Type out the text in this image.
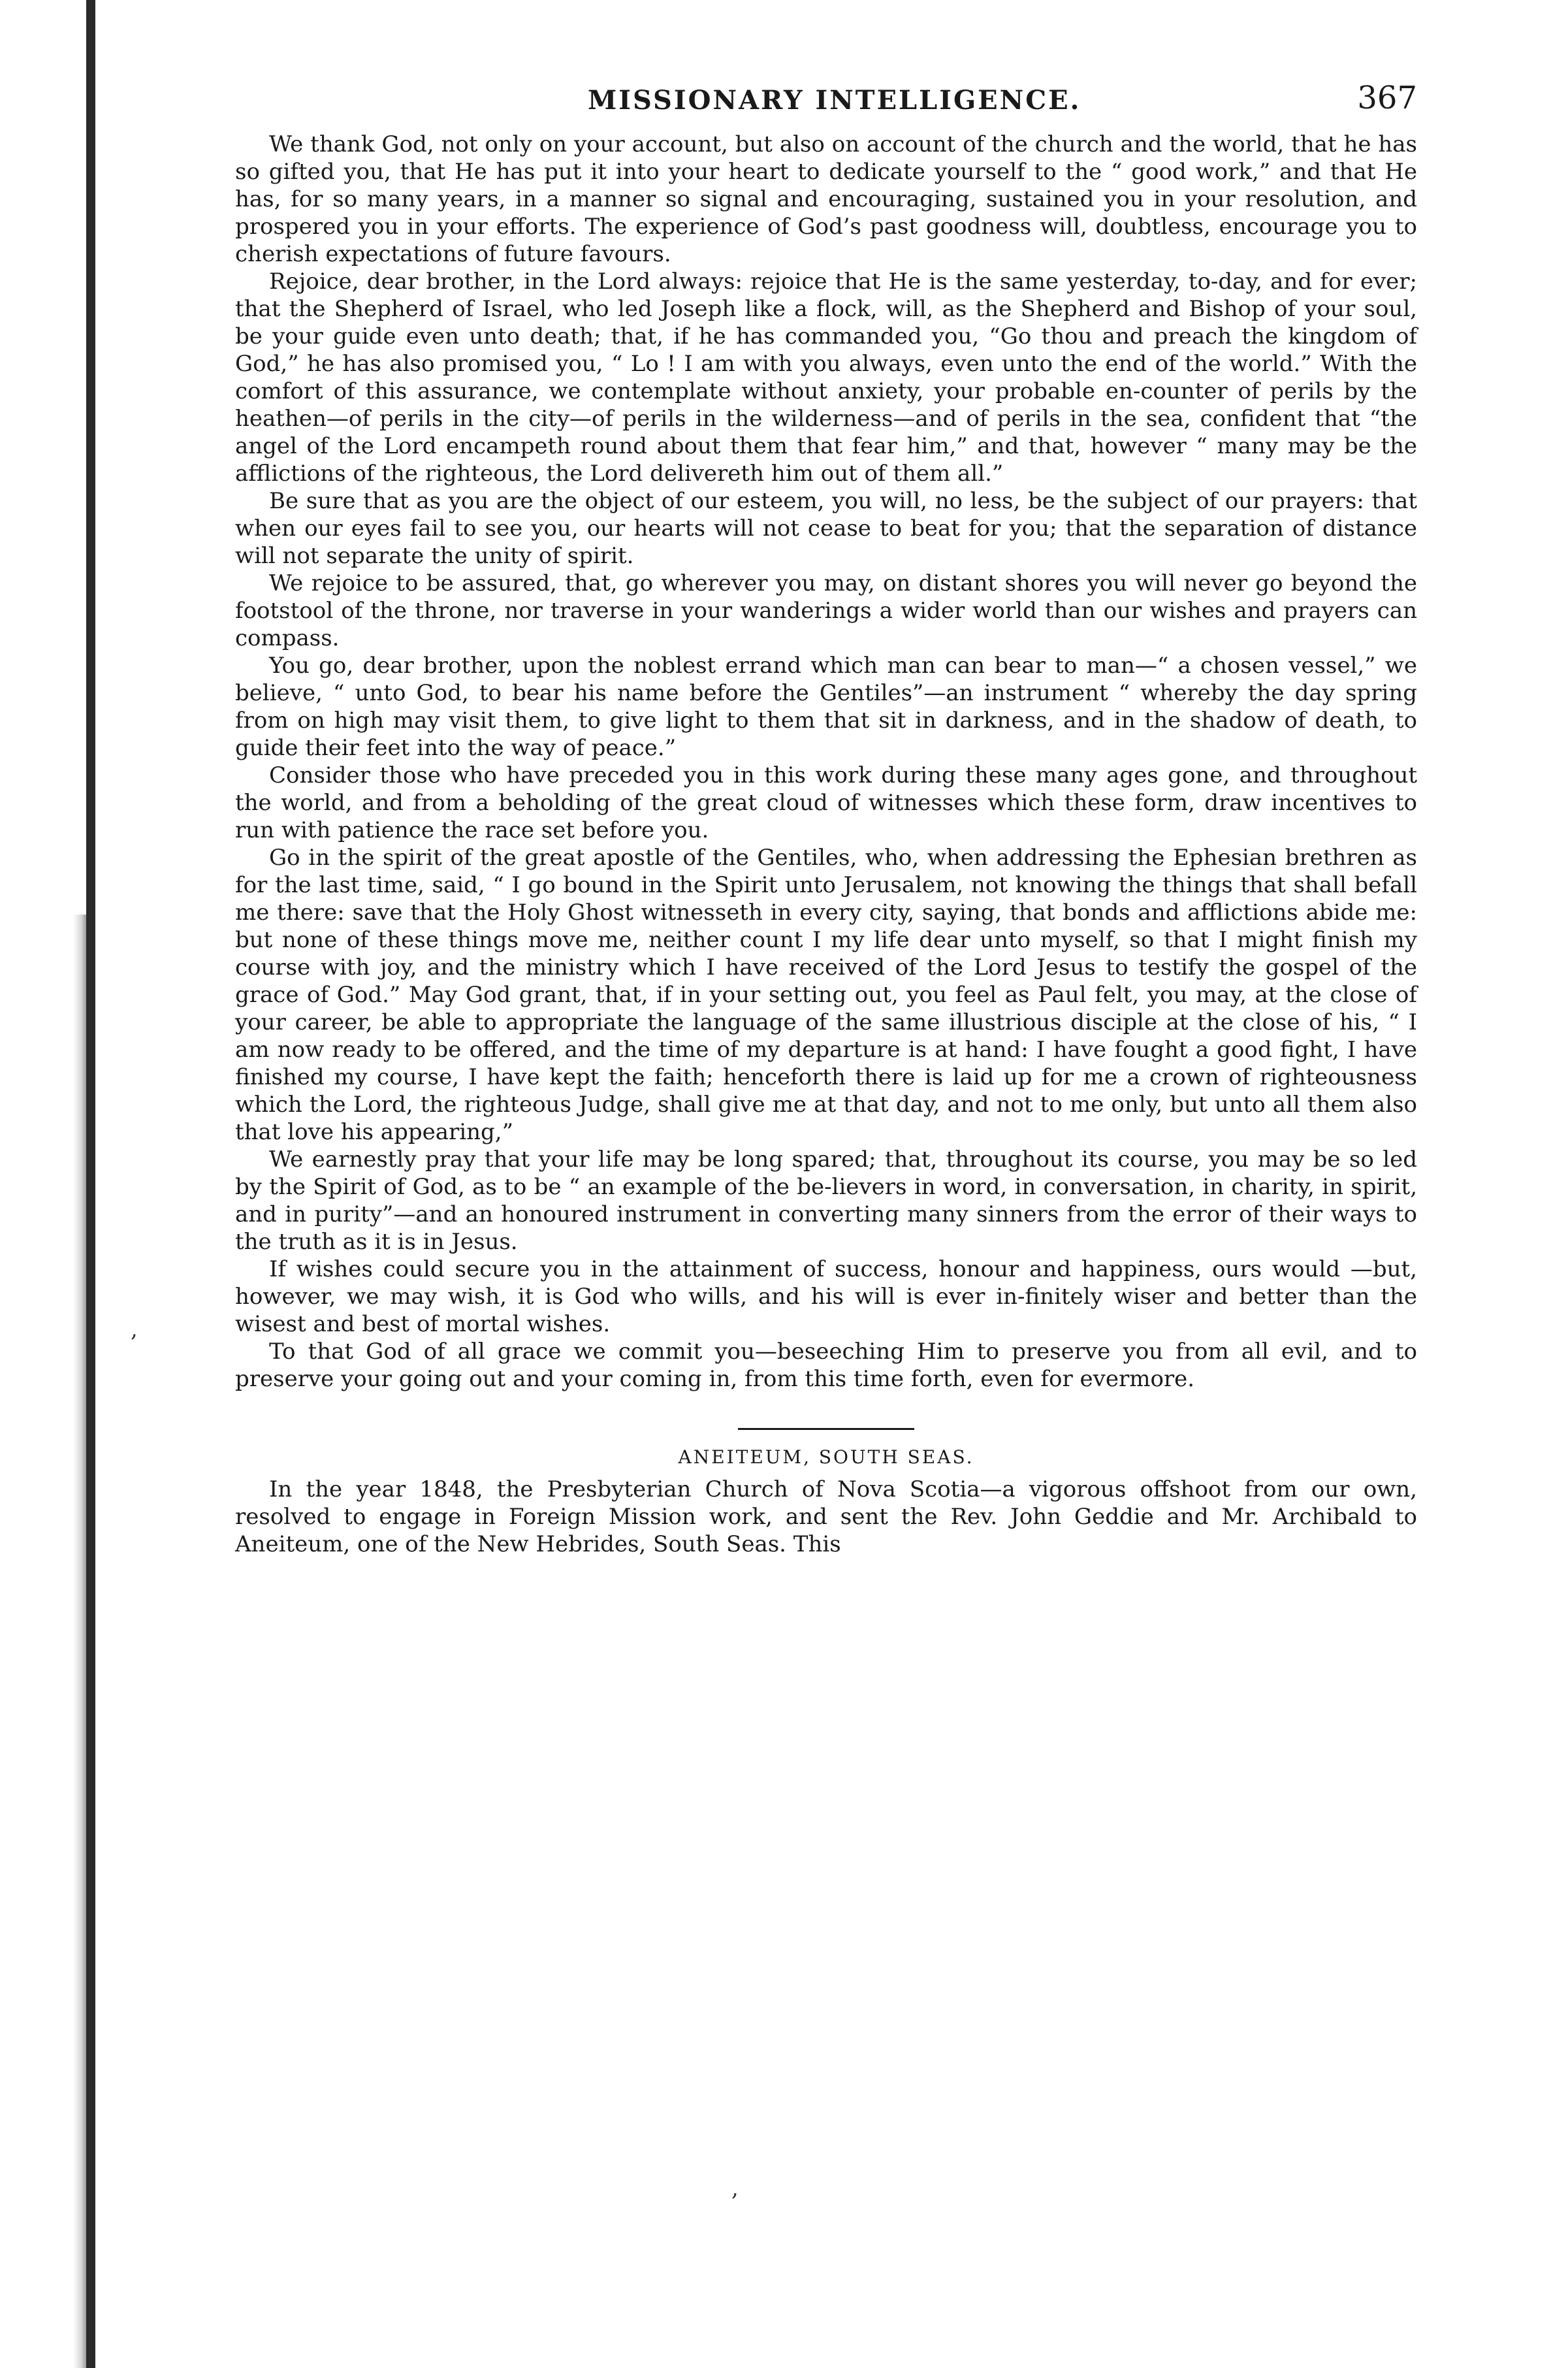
MISSIONARY INTELLIGENCE.	367

We thank God, not only on your account, but also on account of the church and the world, that he has so gifted you, that He has put it into your heart to dedicate yourself to the “ good work,” and that He has, for so many years, in a manner so signal and encouraging, sustained you in your resolution, and prospered you in your efforts. The experience of God’s past goodness will, doubtless, encourage you to cherish expectations of future favours.

Rejoice, dear brother, in the Lord always: rejoice that He is the same yesterday, to-day, and for ever; that the Shepherd of Israel, who led Joseph like a flock, will, as the Shepherd and Bishop of your soul, be your guide even unto death; that, if he has commanded you, “Go thou and preach the kingdom of God,” he has also promised you, “ Lo ! I am with you always, even unto the end of the world.” With the comfort of this assurance, we contemplate without anxiety, your probable en-counter of perils by the heathen—of perils in the city—of perils in the wilderness—and of perils in the sea, confident that “the angel of the Lord encampeth round about them that fear him,” and that, however “ many may be the afflictions of the righteous, the Lord delivereth him out of them all.”

Be sure that as you are the object of our esteem, you will, no less, be the subject of our prayers: that when our eyes fail to see you, our hearts will not cease to beat for you; that the separation of distance will not separate the unity of spirit.

We rejoice to be assured, that, go wherever you may, on distant shores you will never go beyond the footstool of the throne, nor traverse in your wanderings a wider world than our wishes and prayers can compass.

You go, dear brother, upon the noblest errand which man can bear to man—“ a chosen vessel,” we believe, “ unto God, to bear his name before the Gentiles”—an instrument “ whereby the day spring from on high may visit them, to give light to them that sit in darkness, and in the shadow of death, to guide their feet into the way of peace.”

Consider those who have preceded you in this work during these many ages gone, and throughout the world, and from a beholding of the great cloud of witnesses which these form, draw incentives to run with patience the race set before you.

Go in the spirit of the great apostle of the Gentiles, who, when addressing the Ephesian brethren as for the last time, said, “ I go bound in the Spirit unto Jerusalem, not knowing the things that shall befall me there: save that the Holy Ghost witnesseth in every city, saying, that bonds and afflictions abide me: but none of these things move me, neither count I my life dear unto myself, so that I might finish my course with joy, and the ministry which I have received of the Lord Jesus to testify the gospel of the grace of God.” May God grant, that, if in your setting out, you feel as Paul felt, you may, at the close of your career, be able to appropriate the language of the same illustrious disciple at the close of his, “ I am now ready to be offered, and the time of my departure is at hand: I have fought a good fight, I have finished my course, I have kept the faith; henceforth there is laid up for me a crown of righteousness which the Lord, the righteous Judge, shall give me at that day, and not to me only, but unto all them also that love his appearing,”

We earnestly pray that your life may be long spared; that, throughout its course, you may be so led by the Spirit of God, as to be “ an example of the be-lievers in word, in conversation, in charity, in spirit, and in purity”—and an honoured instrument in converting many sinners from the error of their ways to the truth as it is in Jesus.

If wishes could secure you in the attainment of success, honour and happiness, ours would —but, however, we may wish, it is God who wills, and his will is ever in-finitely wiser and better than the wisest and best of mortal wishes.

To that God of all grace we commit you—beseeching Him to preserve you from all evil, and to preserve your going out and your coming in, from this time forth, even for evermore.

ANEITEUM, SOUTH SEAS.

In the year 1848, the Presbyterian Church of Nova Scotia—a vigorous offshoot from our own, resolved to engage in Foreign Mission work, and sent the Rev. John Geddie and Mr. Archibald to Aneiteum, one of the New Hebrides, South Seas. This

,
,
